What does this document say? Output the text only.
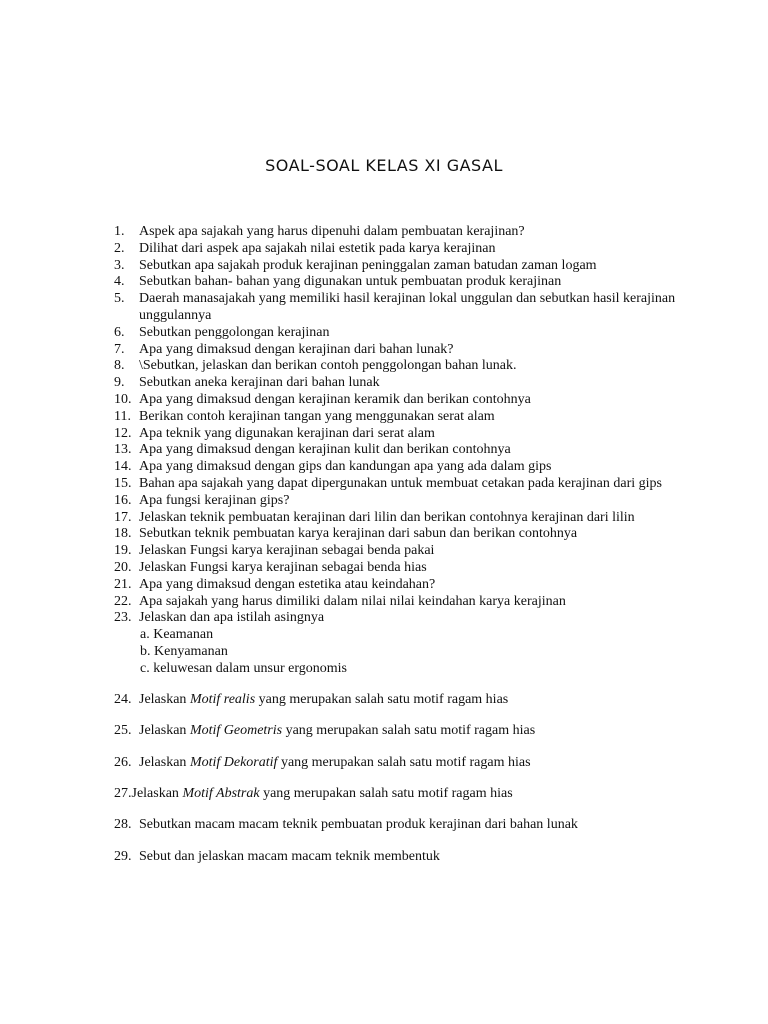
SOAL-SOAL KELAS XI GASAL
1.	Aspek apa sajakah yang harus dipenuhi dalam pembuatan kerajinan?
2.	Dilihat dari aspek apa sajakah nilai estetik pada karya kerajinan
3.	Sebutkan apa sajakah produk kerajinan peninggalan zaman batudan zaman logam
4.	Sebutkan bahan- bahan yang digunakan untuk pembuatan produk kerajinan
5.	Daerah manasajakah yang memiliki hasil kerajinan lokal unggulan dan sebutkan hasil kerajinan unggulannya
6.	Sebutkan penggolongan kerajinan
7.	Apa yang dimaksud dengan kerajinan dari bahan lunak?
8.	\Sebutkan, jelaskan dan berikan contoh penggolongan bahan lunak.
9.	Sebutkan aneka kerajinan dari bahan lunak
10. Apa yang dimaksud dengan kerajinan keramik dan berikan contohnya
11. Berikan contoh kerajinan tangan yang menggunakan serat alam
12. Apa teknik yang digunakan kerajinan dari serat alam
13. Apa yang dimaksud dengan kerajinan kulit dan berikan contohnya
14. Apa yang dimaksud dengan gips dan kandungan apa yang ada dalam gips
15. Bahan apa sajakah yang dapat dipergunakan untuk membuat cetakan pada kerajinan dari gips
16. Apa fungsi kerajinan gips?
17. Jelaskan teknik pembuatan kerajinan dari lilin dan berikan contohnya kerajinan dari lilin
18. Sebutkan teknik pembuatan karya kerajinan dari sabun dan berikan contohnya
19. Jelaskan Fungsi karya kerajinan sebagai benda pakai
20. Jelaskan Fungsi karya kerajinan sebagai benda hias
21. Apa yang dimaksud dengan estetika atau keindahan?
22. Apa sajakah yang harus dimiliki dalam nilai nilai keindahan karya kerajinan
23. Jelaskan dan apa istilah asingnya
a. Keamanan
b. Kenyamanan
c. keluwesan dalam unsur ergonomis
24. Jelaskan Motif realis yang merupakan salah satu motif ragam hias
25. Jelaskan Motif Geometris yang merupakan salah satu motif ragam hias
26. Jelaskan Motif Dekoratif yang merupakan salah satu motif ragam hias
27. Jelaskan Motif Abstrak yang merupakan salah satu motif ragam hias
28. Sebutkan macam macam teknik pembuatan produk kerajinan dari bahan lunak
29. Sebut dan jelaskan macam macam teknik membentuk
